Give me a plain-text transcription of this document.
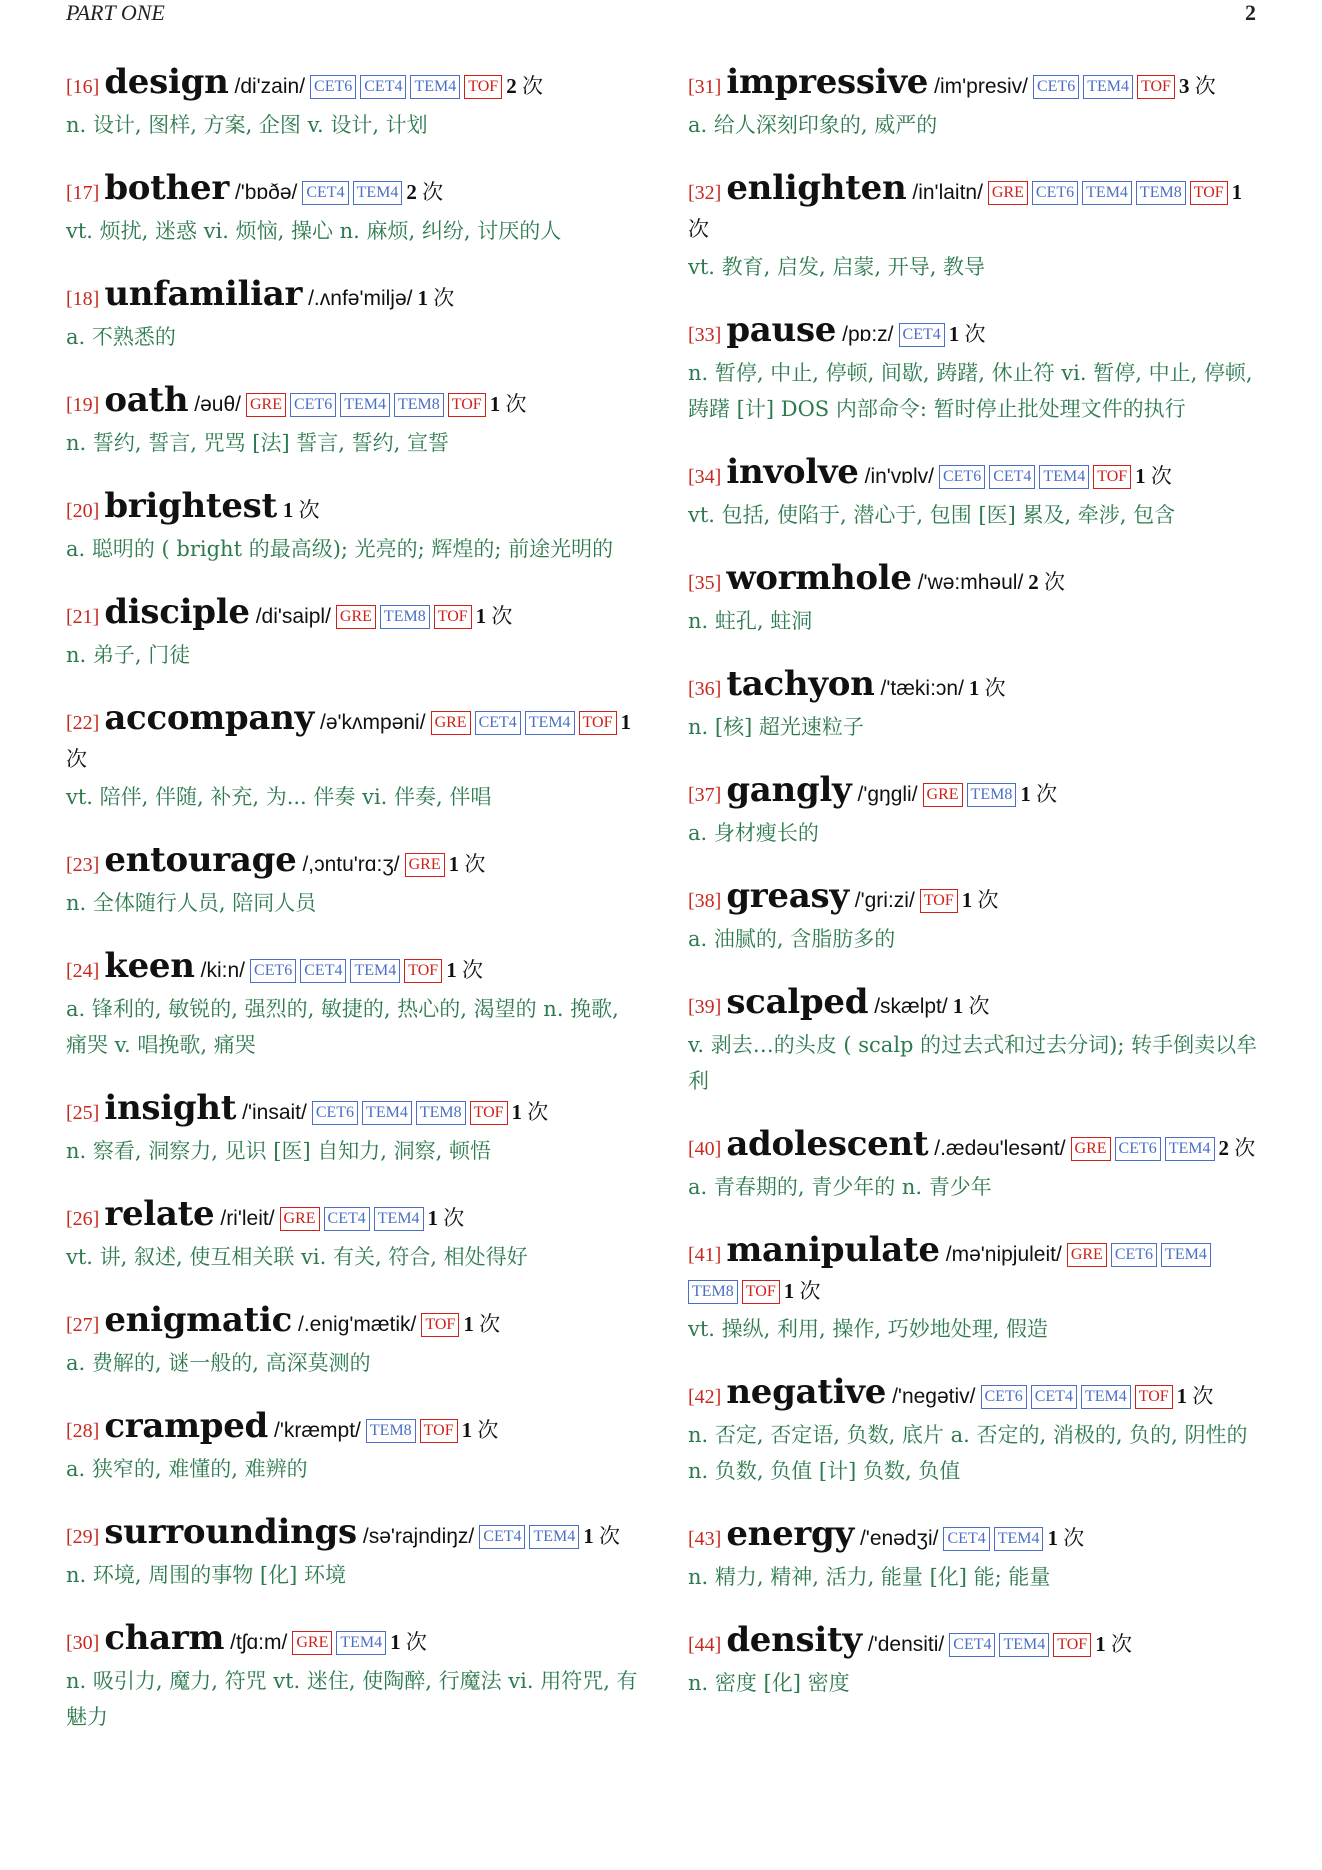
PART ONE	2
[16] design /di'zain/ CET6 CET4 TEM4 TOF 2 次
n. 设计, 图样, 方案, 企图 v. 设计, 计划
[17] bother /'bɒðə/ CET4 TEM4 2 次
vt. 烦扰, 迷惑 vi. 烦恼, 操心 n. 麻烦, 纠纷, 讨厌的人
[18] unfamiliar /.ʌnfə'miljə/ 1 次
a. 不熟悉的
[19] oath /əuθ/ GRE CET6 TEM4 TEM8 TOF 1 次
n. 誓约, 誓言, 咒骂 [法] 誓言, 誓约, 宣誓
[20] brightest 1 次
a. 聪明的 ( bright 的最高级); 光亮的; 辉煌的; 前途光明的
[21] disciple /di'saipl/ GRE TEM8 TOF 1 次
n. 弟子, 门徒
[22] accompany /ə'kʌmpəni/ GRE CET4 TEM4 TOF 1 次
vt. 陪伴, 伴随, 补充, 为... 伴奏 vi. 伴奏, 伴唱
[23] entourage /,ɔntu'rɑ:ʒ/ GRE 1 次
n. 全体随行人员, 陪同人员
[24] keen /ki:n/ CET6 CET4 TEM4 TOF 1 次
a. 锋利的, 敏锐的, 强烈的, 敏捷的, 热心的, 渴望的 n. 挽歌, 痛哭 v. 唱挽歌, 痛哭
[25] insight /'insait/ CET6 TEM4 TEM8 TOF 1 次
n. 察看, 洞察力, 见识 [医] 自知力, 洞察, 顿悟
[26] relate /ri'leit/ GRE CET4 TEM4 1 次
vt. 讲, 叙述, 使互相关联 vi. 有关, 符合, 相处得好
[27] enigmatic /.enig'mætik/ TOF 1 次
a. 费解的, 谜一般的, 高深莫测的
[28] cramped /'kræmpt/ TEM8 TOF 1 次
a. 狭窄的, 难懂的, 难辨的
[29] surroundings /sə'rajndiŋz/ CET4 TEM4 1 次
n. 环境, 周围的事物 [化] 环境
[30] charm /tʃɑ:m/ GRE TEM4 1 次
n. 吸引力, 魔力, 符咒 vt. 迷住, 使陶醉, 行魔法 vi. 用符咒, 有魅力
[31] impressive /im'presiv/ CET6 TEM4 TOF 3 次
a. 给人深刻印象的, 威严的
[32] enlighten /in'laitn/ GRE CET6 TEM4 TEM8 TOF 1 次
vt. 教育, 启发, 启蒙, 开导, 教导
[33] pause /pɒ:z/ CET4 1 次
n. 暂停, 中止, 停顿, 间歇, 踌躇, 休止符 vi. 暂停, 中止, 停顿, 踌躇 [计] DOS 内部命令: 暂时停止批处理文件的执行
[34] involve /in'vɒlv/ CET6 CET4 TEM4 TOF 1 次
vt. 包括, 使陷于, 潜心于, 包围 [医] 累及, 牵涉, 包含
[35] wormhole /'wə:mhəul/ 2 次
n. 蛀孔, 蛀洞
[36] tachyon /'tæki:ɔn/ 1 次
n. [核] 超光速粒子
[37] gangly /'gŋgli/ GRE TEM8 1 次
a. 身材瘦长的
[38] greasy /'gri:zi/ TOF 1 次
a. 油腻的, 含脂肪多的
[39] scalped /skælpt/ 1 次
v. 剥去…的头皮 ( scalp 的过去式和过去分词); 转手倒卖以牟利
[40] adolescent /.ædəu'lesənt/ GRE CET6 TEM4 2 次
a. 青春期的, 青少年的 n. 青少年
[41] manipulate /mə'nipjuleit/ GRE CET6 TEM4TEM8 TOF 1 次
vt. 操纵, 利用, 操作, 巧妙地处理, 假造
[42] negative /'negətiv/ CET6 CET4 TEM4 TOF 1 次
n. 否定, 否定语, 负数, 底片 a. 否定的, 消极的, 负的, 阴性的 n. 负数, 负值 [计] 负数, 负值
[43] energy /'enədʒi/ CET4 TEM4 1 次
n. 精力, 精神, 活力, 能量 [化] 能; 能量
[44] density /'densiti/ CET4 TEM4 TOF 1 次
n. 密度 [化] 密度
